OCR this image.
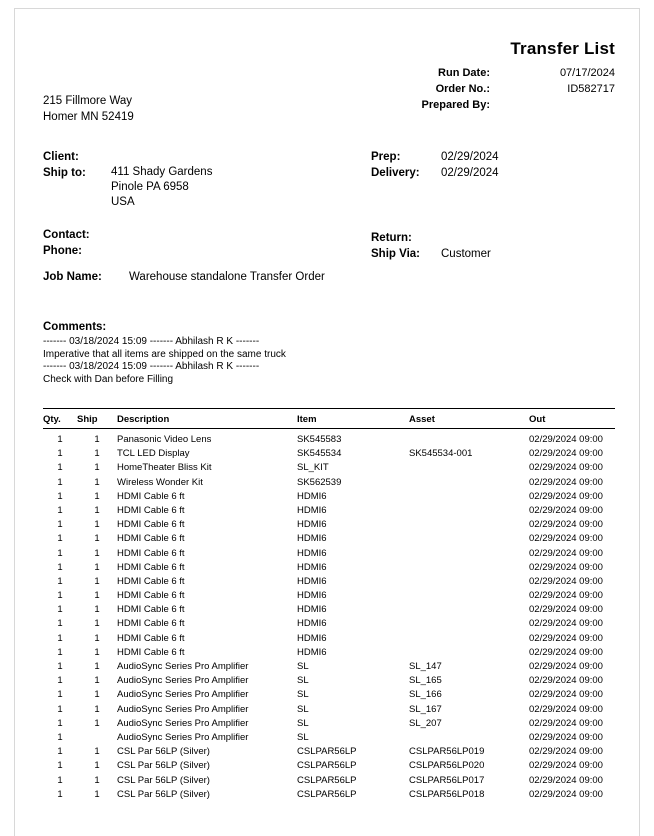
Transfer List
Run Date:	07/17/2024
Order No.:	ID582717
Prepared By:
215 Fillmore Way
Homer MN 52419
Client:
Ship to: 411 Shady Gardens
Pinole PA 6958
USA
Contact:
Phone:
Prep:	02/29/2024
Delivery: 02/29/2024
Return:
Ship Via: Customer
Job Name: Warehouse standalone Transfer Order
Comments:
------- 03/18/2024 15:09 ------- Abhilash R K -------
Imperative that all items are shipped on the same truck
------- 03/18/2024 15:09 ------- Abhilash R K -------
Check with Dan before Filling
Qty.	Ship	Description	Item	Asset	Out
1	1	Panasonic Video Lens	SK545583		02/29/2024 09:00
1	1	TCL LED Display	SK545534	SK545534-001	02/29/2024 09:00
1	1	HomeTheater Bliss Kit	SL_KIT		02/29/2024 09:00
1	1	Wireless Wonder Kit	SK562539		02/29/2024 09:00
1	1	HDMI Cable 6 ft	HDMI6		02/29/2024 09:00
1	1	HDMI Cable 6 ft	HDMI6		02/29/2024 09:00
1	1	HDMI Cable 6 ft	HDMI6		02/29/2024 09:00
1	1	HDMI Cable 6 ft	HDMI6		02/29/2024 09:00
1	1	HDMI Cable 6 ft	HDMI6		02/29/2024 09:00
1	1	HDMI Cable 6 ft	HDMI6		02/29/2024 09:00
1	1	HDMI Cable 6 ft	HDMI6		02/29/2024 09:00
1	1	HDMI Cable 6 ft	HDMI6		02/29/2024 09:00
1	1	HDMI Cable 6 ft	HDMI6		02/29/2024 09:00
1	1	HDMI Cable 6 ft	HDMI6		02/29/2024 09:00
1	1	HDMI Cable 6 ft	HDMI6		02/29/2024 09:00
1	1	HDMI Cable 6 ft	HDMI6		02/29/2024 09:00
1	1	AudioSync Series Pro Amplifier	SL	SL_147	02/29/2024 09:00
1	1	AudioSync Series Pro Amplifier	SL	SL_165	02/29/2024 09:00
1	1	AudioSync Series Pro Amplifier	SL	SL_166	02/29/2024 09:00
1	1	AudioSync Series Pro Amplifier	SL	SL_167	02/29/2024 09:00
1	1	AudioSync Series Pro Amplifier	SL	SL_207	02/29/2024 09:00
1		AudioSync Series Pro Amplifier	SL		02/29/2024 09:00
1	1	CSL Par 56LP (Silver)	CSLPAR56LP	CSLPAR56LP019	02/29/2024 09:00
1	1	CSL Par 56LP (Silver)	CSLPAR56LP	CSLPAR56LP020	02/29/2024 09:00
1	1	CSL Par 56LP (Silver)	CSLPAR56LP	CSLPAR56LP017	02/29/2024 09:00
1	1	CSL Par 56LP (Silver)	CSLPAR56LP	CSLPAR56LP018	02/29/2024 09:00
